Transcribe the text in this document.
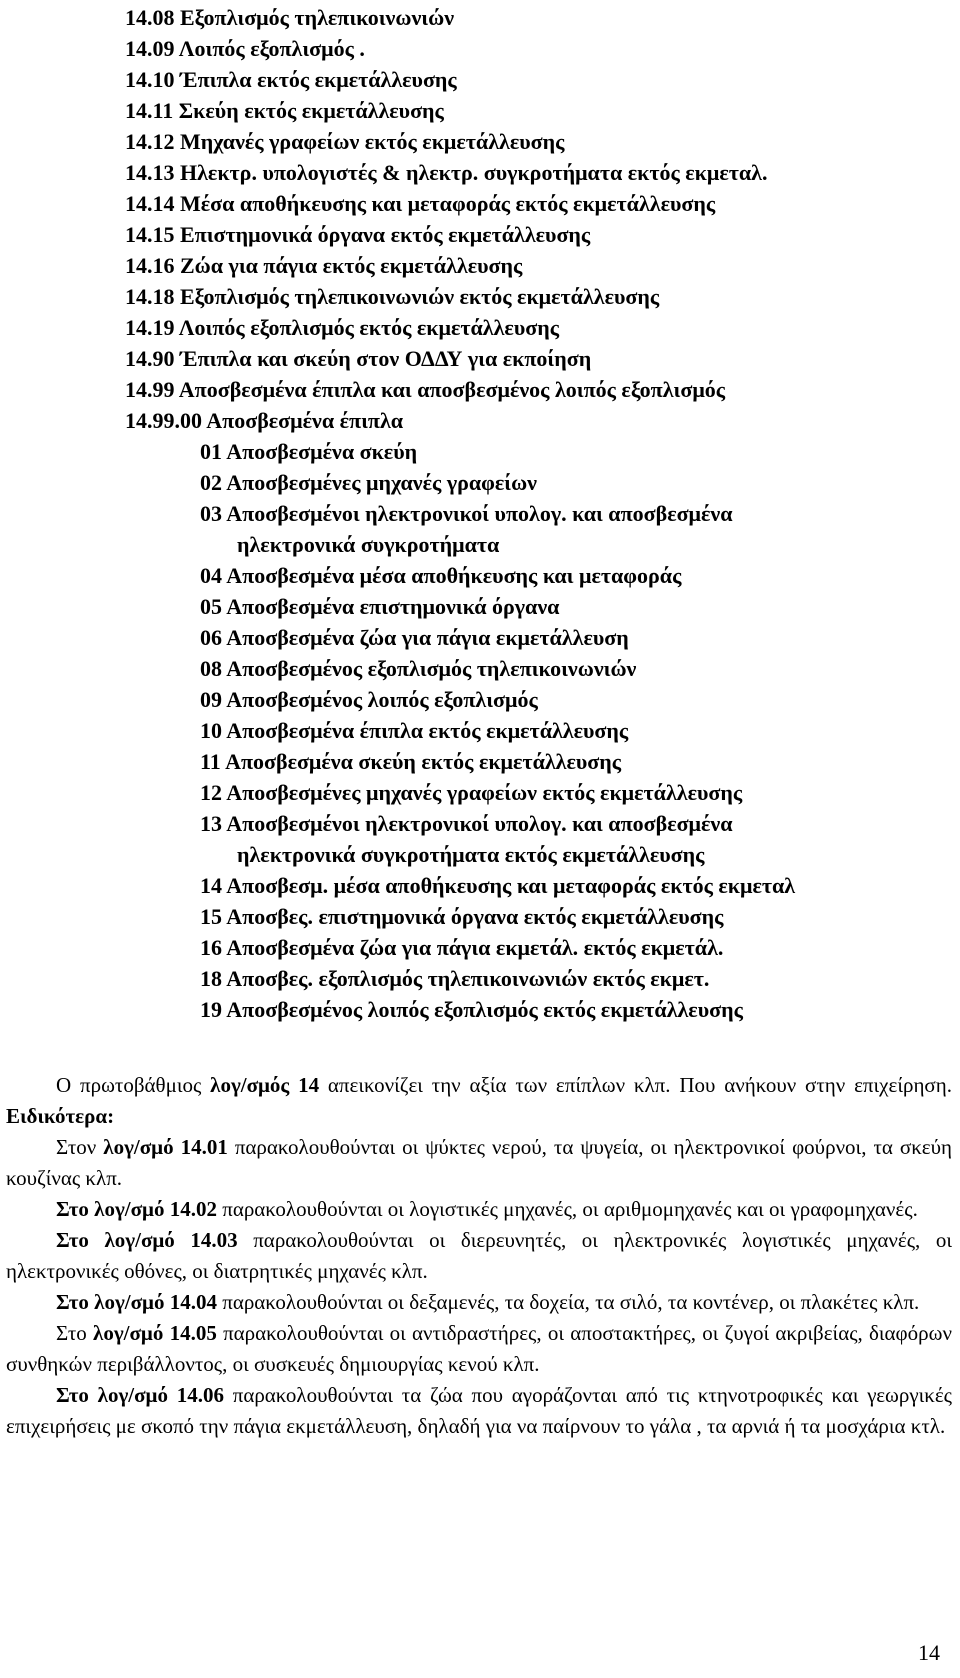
14.08 Εξοπλισμός τηλεπικοινωνιών
14.09 Λοιπός εξοπλισμός .
14.10 Έπιπλα εκτός εκμετάλλευσης
14.11 Σκεύη εκτός εκμετάλλευσης
14.12 Μηχανές γραφείων εκτός εκμετάλλευσης
14.13 Ηλεκτρ. υπολογιστές & ηλεκτρ. συγκροτήματα εκτός εκμεταλ.
14.14 Μέσα αποθήκευσης και μεταφοράς εκτός εκμετάλλευσης
14.15 Επιστημονικά όργανα εκτός εκμετάλλευσης
14.16 Ζώα για πάγια εκτός εκμετάλλευσης
14.18 Εξοπλισμός τηλεπικοινωνιών εκτός εκμετάλλευσης
14.19 Λοιπός εξοπλισμός εκτός εκμετάλλευσης
14.90 Έπιπλα και σκεύη στον ΟΔΔΥ για εκποίηση
14.99 Αποσβεσμένα έπιπλα και αποσβεσμένος λοιπός εξοπλισμός
14.99.00 Αποσβεσμένα έπιπλα
01 Αποσβεσμένα σκεύη
02 Αποσβεσμένες μηχανές γραφείων
03 Αποσβεσμένοι ηλεκτρονικοί υπολογ. και αποσβεσμένα
ηλεκτρονικά συγκροτήματα
04 Αποσβεσμένα μέσα αποθήκευσης και μεταφοράς
05 Αποσβεσμένα επιστημονικά όργανα
06 Αποσβεσμένα ζώα για πάγια εκμετάλλευση
08 Αποσβεσμένος εξοπλισμός τηλεπικοινωνιών
09 Αποσβεσμένος λοιπός εξοπλισμός
10 Αποσβεσμένα έπιπλα εκτός εκμετάλλευσης
11 Αποσβεσμένα σκεύη εκτός εκμετάλλευσης
12 Αποσβεσμένες μηχανές γραφείων εκτός εκμετάλλευσης
13 Αποσβεσμένοι ηλεκτρονικοί υπολογ. και αποσβεσμένα
ηλεκτρονικά συγκροτήματα εκτός εκμετάλλευσης
14 Αποσβεσμ. μέσα αποθήκευσης και μεταφοράς εκτός εκμεταλ
15 Αποσβες. επιστημονικά όργανα εκτός εκμετάλλευσης
16 Αποσβεσμένα ζώα για πάγια εκμετάλ. εκτός εκμετάλ.
18 Αποσβες. εξοπλισμός τηλεπικοινωνιών εκτός εκμετ.
19 Αποσβεσμένος λοιπός εξοπλισμός εκτός εκμετάλλευσης

Ο πρωτοβάθμιος λογ/σμός 14 απεικονίζει την αξία των επίπλων κλπ. Που ανήκουν στην επιχείρηση. Ειδικότερα:

Στον λογ/σμό 14.01 παρακολουθούνται οι ψύκτες νερού, τα ψυγεία, οι ηλεκτρονικοί φούρνοι, τα σκεύη κουζίνας κλπ.

Στο λογ/σμό 14.02 παρακολουθούνται οι λογιστικές μηχανές, οι αριθμομηχανές και οι γραφομηχανές.

Στο λογ/σμό 14.03 παρακολουθούνται οι διερευνητές, οι ηλεκτρονικές λογιστικές μηχανές, οι ηλεκτρονικές οθόνες, οι διατρητικές μηχανές κλπ.

Στο λογ/σμό 14.04 παρακολουθούνται οι δεξαμενές, τα δοχεία, τα σιλό, τα κοντένερ, οι πλακέτες κλπ.

Στο λογ/σμό 14.05 παρακολουθούνται οι αντιδραστήρες, οι αποστακτήρες, οι ζυγοί ακριβείας, διαφόρων συνθηκών περιβάλλοντος, οι συσκευές δημιουργίας κενού κλπ.

Στο λογ/σμό 14.06 παρακολουθούνται τα ζώα που αγοράζονται από τις κτηνοτροφικές και γεωργικές επιχειρήσεις με σκοπό την πάγια εκμετάλλευση, δηλαδή για να παίρνουν το γάλα , τα αρνιά ή τα μοσχάρια κτλ.

14
